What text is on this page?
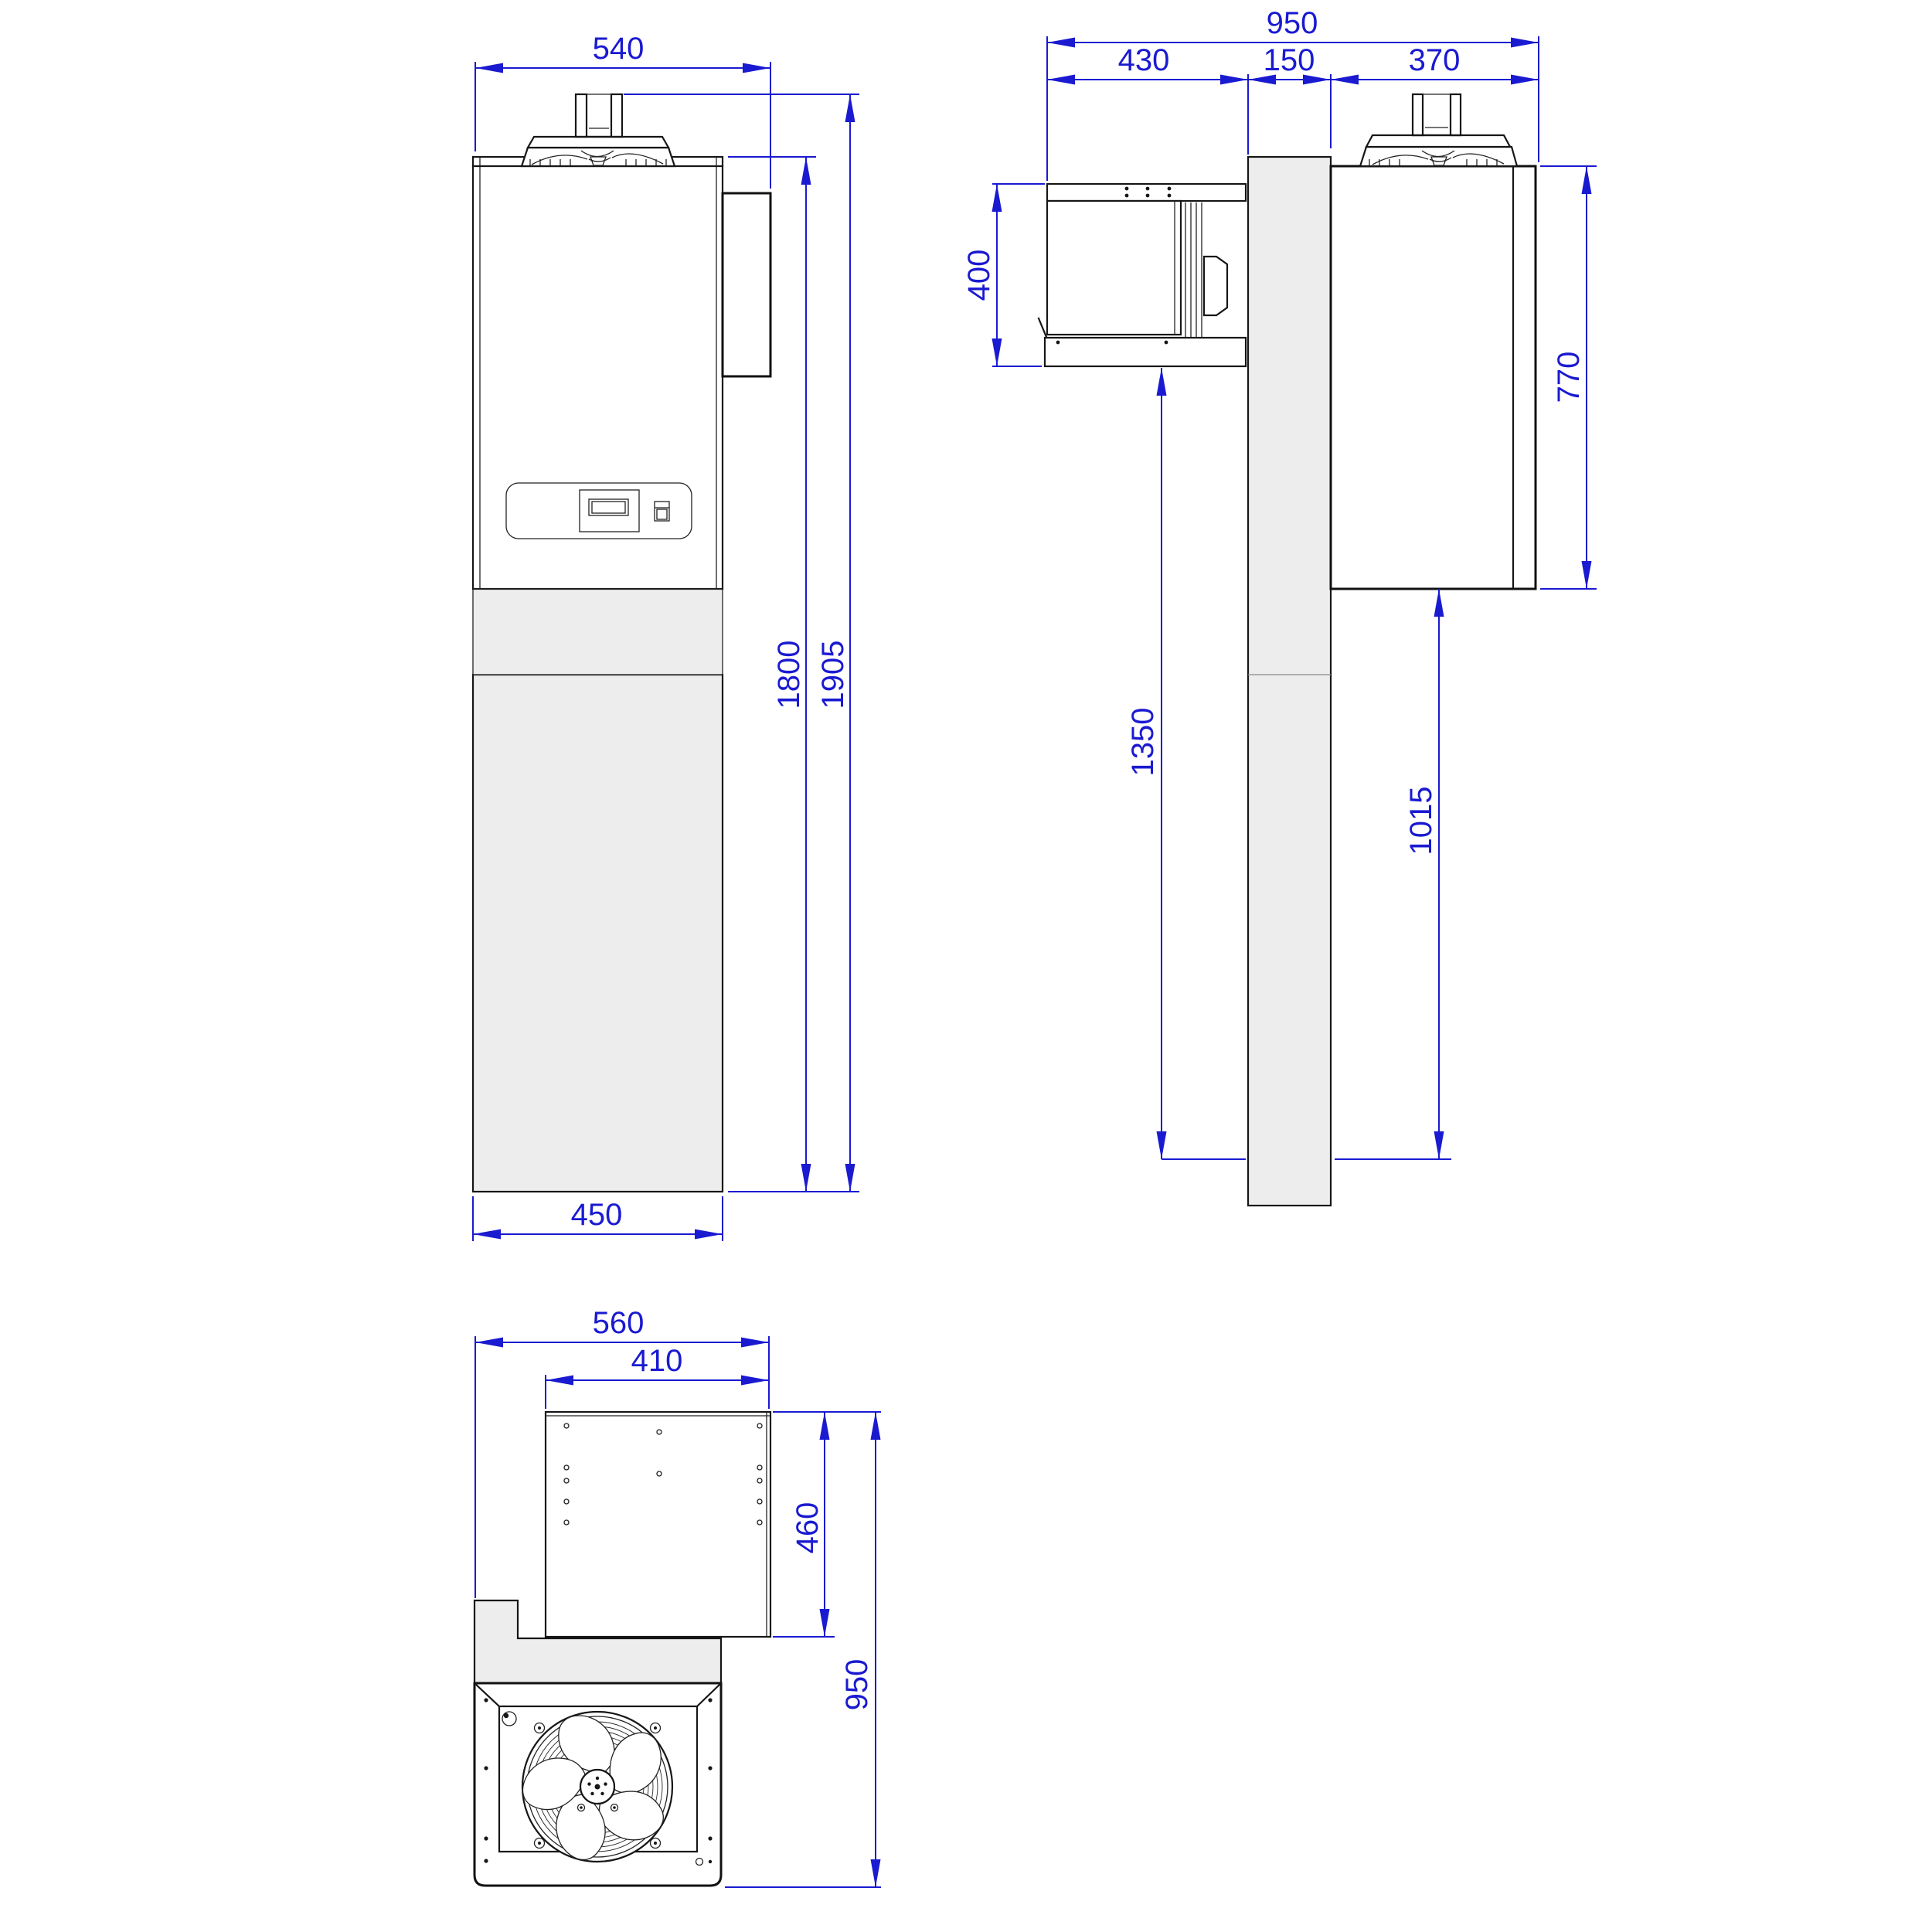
540
450
1800 1905
950
430	150	370
400
770
1350
1015
560
410
460
950
